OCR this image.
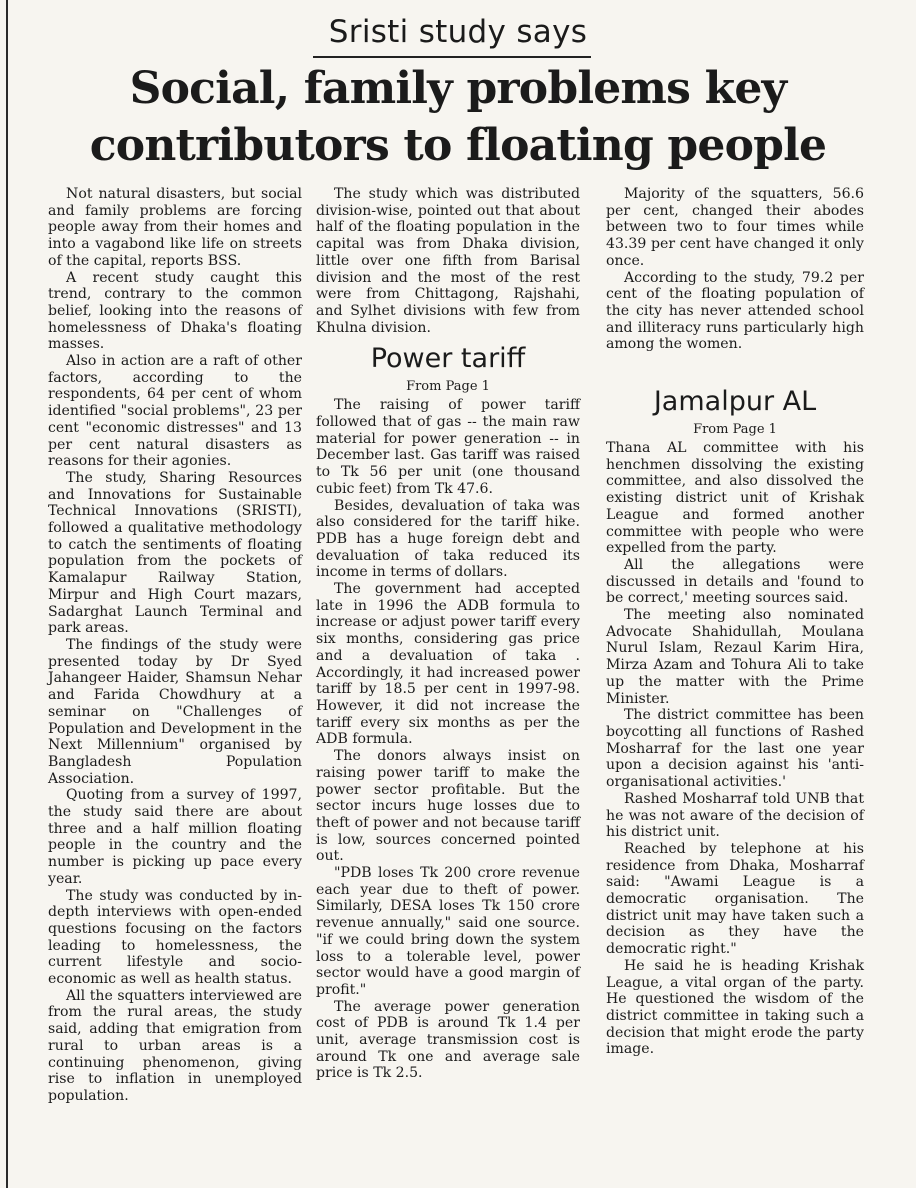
Sristi study says
Social, family problems key
contributors to floating people

Not natural disasters, but social and family problems are forcing people away from their homes and into a vagabond like life on streets of the capital, reports BSS.

A recent study caught this trend, contrary to the common belief, looking into the reasons of homelessness of Dhaka's floating masses.

Also in action are a raft of other factors, according to the respondents, 64 per cent of whom identified "social problems", 23 per cent "economic distresses" and 13 per cent natural disasters as reasons for their agonies.

The study, Sharing Resources and Innovations for Sustainable Technical Innovations (SRISTI), followed a qualitative methodology to catch the sentiments of floating population from the pockets of Kamalapur Railway Station, Mirpur and High Court mazars, Sadarghat Launch Terminal and park areas.

The findings of the study were presented today by Dr Syed Jahangeer Haider, Shamsun Nehar and Farida Chowdhury at a seminar on "Challenges of Population and Development in the Next Millennium" organised by Bangladesh Population Association.

Quoting from a survey of 1997, the study said there are about three and a half million floating people in the country and the number is picking up pace every year.

The study was conducted by in-depth interviews with open-ended questions focusing on the factors leading to homelessness, the current lifestyle and socio-economic as well as health status.

All the squatters interviewed are from the rural areas, the study said, adding that emigration from rural to urban areas is a continuing phenomenon, giving rise to inflation in unemployed population.

The study which was distributed division-wise, pointed out that about half of the floating population in the capital was from Dhaka division, little over one fifth from Barisal division and the most of the rest were from Chittagong, Rajshahi, and Sylhet divisions with few from Khulna division.

Power tariff
From Page 1

The raising of power tariff followed that of gas -- the main raw material for power generation -- in December last. Gas tariff was raised to Tk 56 per unit (one thousand cubic feet) from Tk 47.6.

Besides, devaluation of taka was also considered for the tariff hike. PDB has a huge foreign debt and devaluation of taka reduced its income in terms of dollars.

The government had accepted late in 1996 the ADB formula to increase or adjust power tariff every six months, considering gas price and a devaluation of taka . Accordingly, it had increased power tariff by 18.5 per cent in 1997-98. However, it did not increase the tariff every six months as per the ADB formula.

The donors always insist on raising power tariff to make the power sector profitable. But the sector incurs huge losses due to theft of power and not because tariff is low, sources concerned pointed out.

"PDB loses Tk 200 crore revenue each year due to theft of power. Similarly, DESA loses Tk 150 crore revenue annually," said one source. "if we could bring down the system loss to a tolerable level, power sector would have a good margin of profit."

The average power generation cost of PDB is around Tk 1.4 per unit, average transmission cost is around Tk one and average sale price is Tk 2.5.

Majority of the squatters, 56.6 per cent, changed their abodes between two to four times while 43.39 per cent have changed it only once.

According to the study, 79.2 per cent of the floating population of the city has never attended school and illiteracy runs particularly high among the women.

Jamalpur AL
From Page 1

Thana AL committee with his henchmen dissolving the existing committee, and also dissolved the existing district unit of Krishak League and formed another committee with people who were expelled from the party.

All the allegations were discussed in details and 'found to be correct,' meeting sources said.

The meeting also nominated Advocate Shahidullah, Moulana Nurul Islam, Rezaul Karim Hira, Mirza Azam and Tohura Ali to take up the matter with the Prime Minister.

The district committee has been boycotting all functions of Rashed Mosharraf for the last one year upon a decision against his 'anti-organisational activities.'

Rashed Mosharraf told UNB that he was not aware of the decision of his district unit.

Reached by telephone at his residence from Dhaka, Mosharraf said: "Awami League is a democratic organisation. The district unit may have taken such a decision as they have the democratic right."

He said he is heading Krishak League, a vital organ of the party. He questioned the wisdom of the district committee in taking such a decision that might erode the party image.
